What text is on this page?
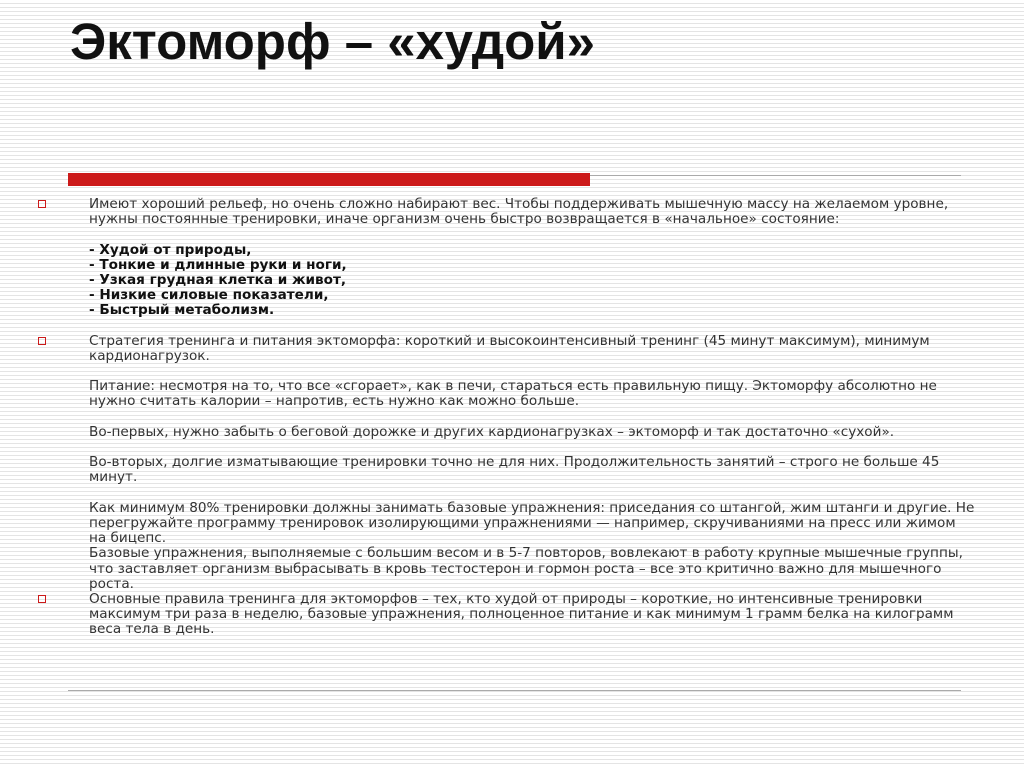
Эктоморф – «худой»

Имеют хороший рельеф, но очень сложно набирают вес. Чтобы поддерживать мышечную массу на желаемом уровне, нужны постоянные тренировки, иначе организм очень быстро возвращается в «начальное» состояние:

- Худой от природы,
- Тонкие и длинные руки и ноги,
- Узкая грудная клетка и живот,
- Низкие силовые показатели,
- Быстрый метаболизм.

Стратегия тренинга и питания эктоморфа: короткий и высокоинтенсивный тренинг (45 минут максимум), минимум кардионагрузок.

Питание: несмотря на то, что все «сгорает», как в печи, стараться есть правильную пищу. Эктоморфу абсолютно не нужно считать калории – напротив, есть нужно как можно больше.

Во-первых, нужно забыть о беговой дорожке и других кардионагрузках – эктоморф и так достаточно «сухой».

Во-вторых, долгие изматывающие тренировки точно не для них. Продолжительность занятий – строго не больше 45 минут.

Как минимум 80% тренировки должны занимать базовые упражнения: приседания со штангой, жим штанги и другие. Не перегружайте программу тренировок изолирующими упражнениями — например, скручиваниями на пресс или жимом на бицепс.

Базовые упражнения, выполняемые с большим весом и в 5-7 повторов, вовлекают в работу крупные мышечные группы, что заставляет организм выбрасывать в кровь тестостерон и гормон роста – все это критично важно для мышечного роста.

Основные правила тренинга для эктоморфов – тех, кто худой от природы – короткие, но интенсивные тренировки максимум три раза в неделю, базовые упражнения, полноценное питание и как минимум 1 грамм белка на килограмм веса тела в день.
